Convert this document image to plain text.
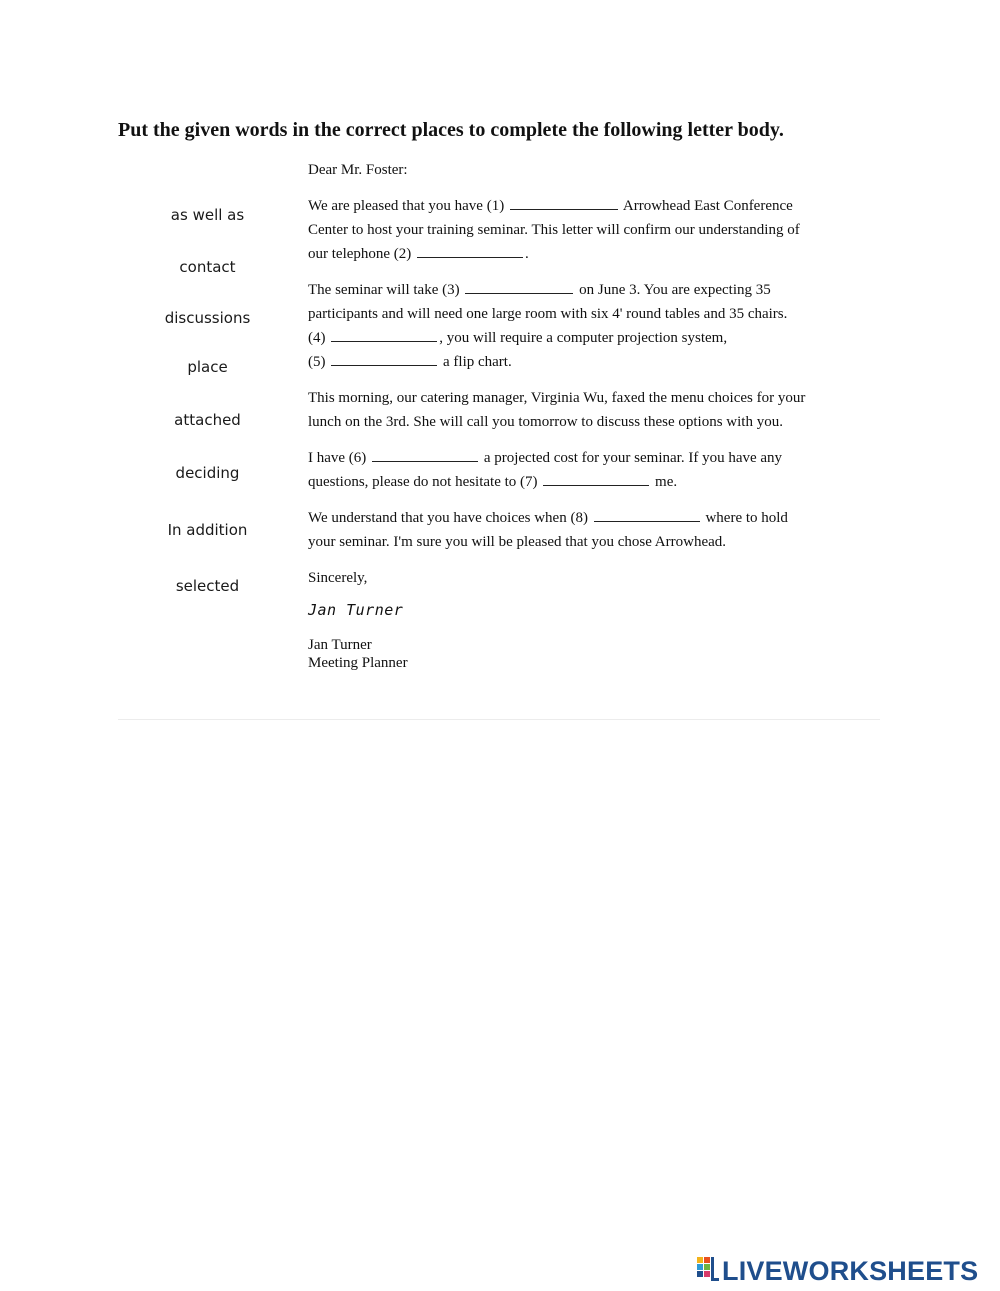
Put the given words in the correct places to complete the following letter body.
as well as
contact
discussions
place
attached
deciding
In addition
selected
Dear Mr. Foster:
We are pleased that you have (1)	Arrowhead East Conference
Center to host your training seminar. This letter will confirm our understanding of
our telephone (2)	.
The seminar will take (3)	on June 3. You are expecting 35
participants and will need one large room with six 4' round tables and 35 chairs.
(4)	, you will require a computer projection system,
(5)	a flip chart.
This morning, our catering manager, Virginia Wu, faxed the menu choices for your
lunch on the 3rd. She will call you tomorrow to discuss these options with you.
I have (6)	a projected cost for your seminar. If you have any
questions, please do not hesitate to (7)	me.
We understand that you have choices when (8)	where to hold
your seminar. I'm sure you will be pleased that you chose Arrowhead.
Sincerely,
Jan Turner
Jan Turner
Meeting Planner
LIVEWORKSHEETS
